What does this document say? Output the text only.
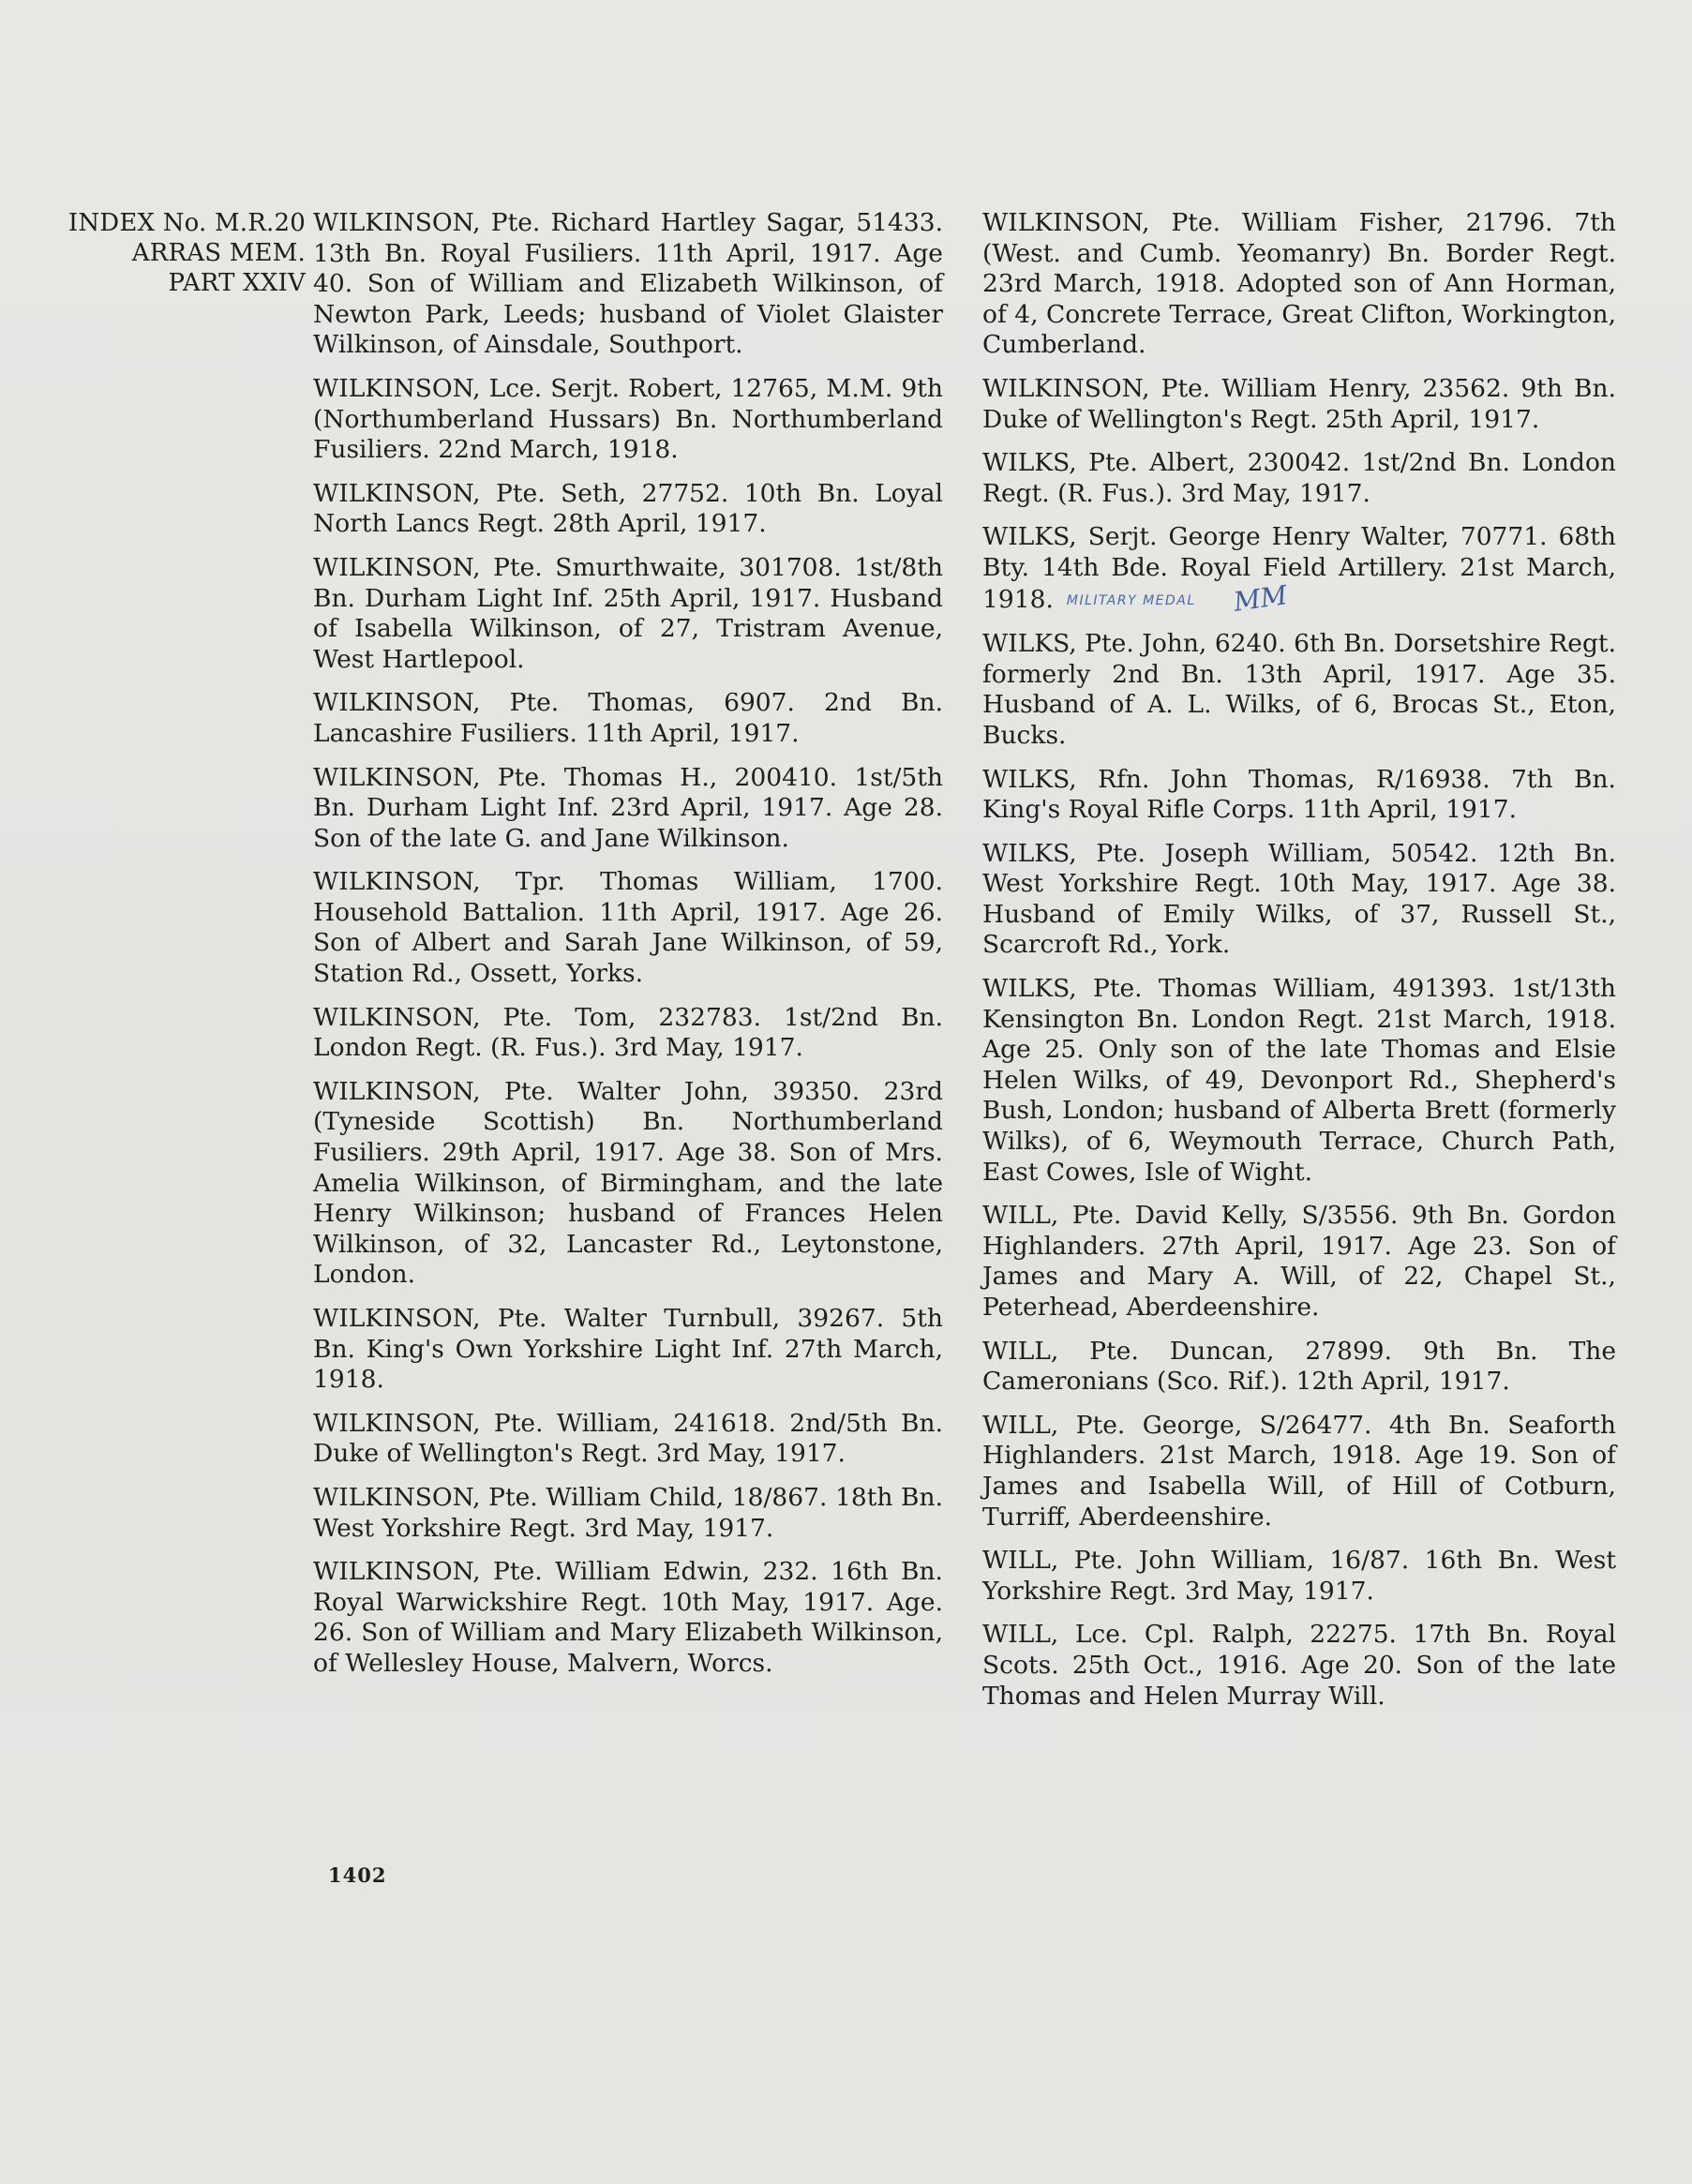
INDEX No. M.R.20
ARRAS MEM.
PART XXIV
WILKINSON, Pte. Richard Hartley Sagar, 51433. 13th Bn. Royal Fusiliers. 11th April, 1917. Age 40. Son of William and Elizabeth Wilkinson, of Newton Park, Leeds; husband of Violet Glaister Wilkinson, of Ainsdale, Southport.
WILKINSON, Lce. Serjt. Robert, 12765, M.M. 9th (Northumberland Hussars) Bn. Northumberland Fusiliers. 22nd March, 1918.
WILKINSON, Pte. Seth, 27752. 10th Bn. Loyal North Lancs Regt. 28th April, 1917.
WILKINSON, Pte. Smurthwaite, 301708. 1st/8th Bn. Durham Light Inf. 25th April, 1917. Husband of Isabella Wilkinson, of 27, Tristram Avenue, West Hartlepool.
WILKINSON, Pte. Thomas, 6907. 2nd Bn. Lancashire Fusiliers. 11th April, 1917.
WILKINSON, Pte. Thomas H., 200410. 1st/5th Bn. Durham Light Inf. 23rd April, 1917. Age 28. Son of the late G. and Jane Wilkinson.
WILKINSON, Tpr. Thomas William, 1700. Household Battalion. 11th April, 1917. Age 26. Son of Albert and Sarah Jane Wilkinson, of 59, Station Rd., Ossett, Yorks.
WILKINSON, Pte. Tom, 232783. 1st/2nd Bn. London Regt. (R. Fus.). 3rd May, 1917.
WILKINSON, Pte. Walter John, 39350. 23rd (Tyneside Scottish) Bn. Northumberland Fusiliers. 29th April, 1917. Age 38. Son of Mrs. Amelia Wilkinson, of Birmingham, and the late Henry Wilkinson; husband of Frances Helen Wilkinson, of 32, Lancaster Rd., Leytonstone, London.
WILKINSON, Pte. Walter Turnbull, 39267. 5th Bn. King's Own Yorkshire Light Inf. 27th March, 1918.
WILKINSON, Pte. William, 241618. 2nd/5th Bn. Duke of Wellington's Regt. 3rd May, 1917.
WILKINSON, Pte. William Child, 18/867. 18th Bn. West Yorkshire Regt. 3rd May, 1917.
WILKINSON, Pte. William Edwin, 232. 16th Bn. Royal Warwickshire Regt. 10th May, 1917. Age. 26. Son of William and Mary Elizabeth Wilkinson, of Wellesley House, Malvern, Worcs.
WILKINSON, Pte. William Fisher, 21796. 7th (West. and Cumb. Yeomanry) Bn. Border Regt. 23rd March, 1918. Adopted son of Ann Horman, of 4, Concrete Terrace, Great Clifton, Workington, Cumberland.
WILKINSON, Pte. William Henry, 23562. 9th Bn. Duke of Wellington's Regt. 25th April, 1917.
WILKS, Pte. Albert, 230042. 1st/2nd Bn. London Regt. (R. Fus.). 3rd May, 1917.
WILKS, Serjt. George Henry Walter, 70771. 68th Bty. 14th Bde. Royal Field Artillery. 21st March, 1918. MILITARY MEDAL MM
WILKS, Pte. John, 6240. 6th Bn. Dorsetshire Regt. formerly 2nd Bn. 13th April, 1917. Age 35. Husband of A. L. Wilks, of 6, Brocas St., Eton, Bucks.
WILKS, Rfn. John Thomas, R/16938. 7th Bn. King's Royal Rifle Corps. 11th April, 1917.
WILKS, Pte. Joseph William, 50542. 12th Bn. West Yorkshire Regt. 10th May, 1917. Age 38. Husband of Emily Wilks, of 37, Russell St., Scarcroft Rd., York.
WILKS, Pte. Thomas William, 491393. 1st/13th Kensington Bn. London Regt. 21st March, 1918. Age 25. Only son of the late Thomas and Elsie Helen Wilks, of 49, Devonport Rd., Shepherd's Bush, London; husband of Alberta Brett (formerly Wilks), of 6, Weymouth Terrace, Church Path, East Cowes, Isle of Wight.
WILL, Pte. David Kelly, S/3556. 9th Bn. Gordon Highlanders. 27th April, 1917. Age 23. Son of James and Mary A. Will, of 22, Chapel St., Peterhead, Aberdeenshire.
WILL, Pte. Duncan, 27899. 9th Bn. The Cameronians (Sco. Rif.). 12th April, 1917.
WILL, Pte. George, S/26477. 4th Bn. Seaforth Highlanders. 21st March, 1918. Age 19. Son of James and Isabella Will, of Hill of Cotburn, Turriff, Aberdeenshire.
WILL, Pte. John William, 16/87. 16th Bn. West Yorkshire Regt. 3rd May, 1917.
WILL, Lce. Cpl. Ralph, 22275. 17th Bn. Royal Scots. 25th Oct., 1916. Age 20. Son of the late Thomas and Helen Murray Will.
1402
